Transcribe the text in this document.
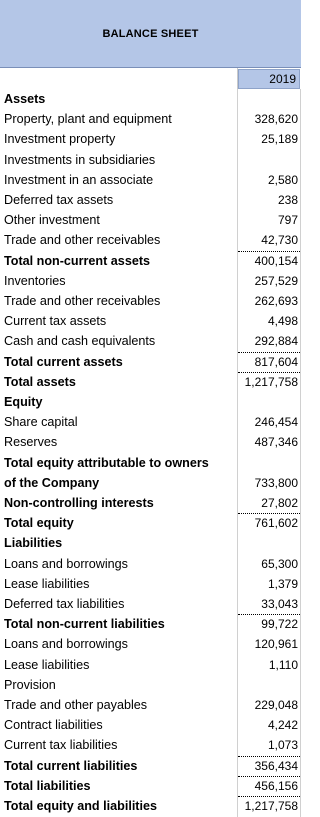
BALANCE SHEET
2019
Assets
Property, plant and equipment	328,620
Investment property	25,189
Investments in subsidiaries
Investment in an associate	2,580
Deferred tax assets	238
Other investment	797
Trade and other receivables	42,730
Total non-current assets	400,154
Inventories	257,529
Trade and other receivables	262,693
Current tax assets	4,498
Cash and cash equivalents	292,884
Total current assets	817,604
Total assets	1,217,758
Equity
Share capital	246,454
Reserves	487,346
Total equity attributable to owners
of the Company	733,800
Non-controlling interests	27,802
Total equity	761,602
Liabilities
Loans and borrowings	65,300
Lease liabilities	1,379
Deferred tax liabilities	33,043
Total non-current liabilities	99,722
Loans and borrowings	120,961
Lease liabilities	1,110
Provision
Trade and other payables	229,048
Contract liabilities	4,242
Current tax liabilities	1,073
Total current liabilities	356,434
Total liabilities	456,156
Total equity and liabilities	1,217,758
